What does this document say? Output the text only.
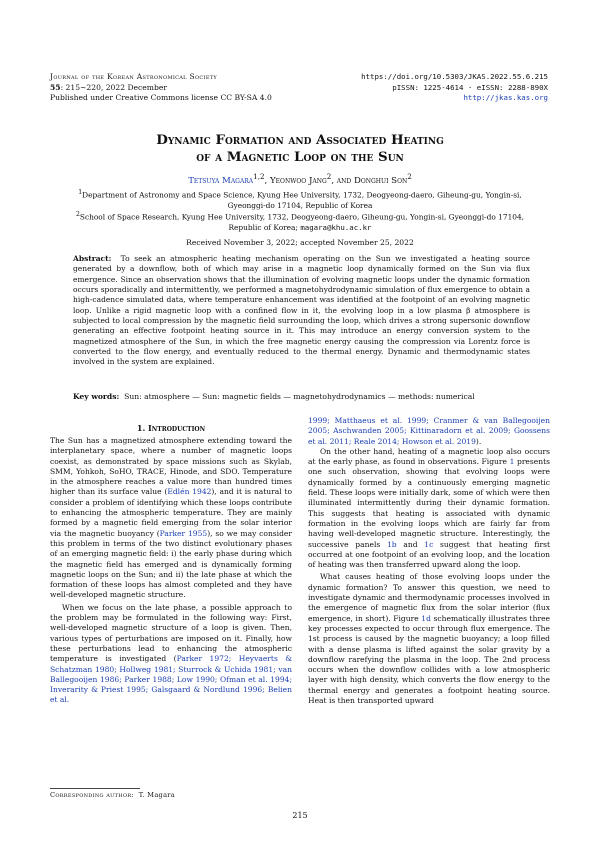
Journal of the Korean Astronomical Society
55: 215∼220, 2022 December
Published under Creative Commons license CC BY-SA 4.0
https://doi.org/10.5303/JKAS.2022.55.6.215
pISSN: 1225-4614 · eISSN: 2288-890X
http://jkas.kas.org
Dynamic Formation and Associated Heating
of a Magnetic Loop on the Sun
Tetsuya Magara$^{1,2}$, Yeonwoo Jang$^2$, and Donghui Son$^2$
$^1$Department of Astronomy and Space Science, Kyung Hee University, 1732, Deogyeong-daero, Giheung-gu, Yongin-si, Gyeonggi-do 17104, Republic of Korea
$^2$School of Space Research, Kyung Hee University, 1732, Deogyeong-daero, Giheung-gu, Yongin-si, Gyeonggi-do 17104, Republic of Korea; magara@khu.ac.kr
Received November 3, 2022; accepted November 25, 2022
Abstract: To seek an atmospheric heating mechanism operating on the Sun we investigated a heating source generated by a downflow, both of which may arise in a magnetic loop dynamically formed on the Sun via flux emergence. Since an observation shows that the illumination of evolving magnetic loops under the dynamic formation occurs sporadically and intermittently, we performed a magnetohydrodynamic simulation of flux emergence to obtain a high-cadence simulated data, where temperature enhancement was identified at the footpoint of an evolving magnetic loop. Unlike a rigid magnetic loop with a confined flow in it, the evolving loop in a low plasma β atmosphere is subjected to local compression by the magnetic field surrounding the loop, which drives a strong supersonic downflow generating an effective footpoint heating source in it. This may introduce an energy conversion system to the magnetized atmosphere of the Sun, in which the free magnetic energy causing the compression via Lorentz force is converted to the flow energy, and eventually reduced to the thermal energy. Dynamic and thermodynamic states involved in the system are explained.
Key words: Sun: atmosphere — Sun: magnetic fields — magnetohydrodynamics — methods: numerical
1. Introduction

The Sun has a magnetized atmosphere extending toward the interplanetary space, where a number of magnetic loops coexist, as demonstrated by space missions such as Skylab, SMM, Yohkoh, SoHO, TRACE, Hinode, and SDO. Temperature in the atmosphere reaches a value more than hundred times higher than its surface value (Edlén 1942), and it is natural to consider a problem of identifying which these loops contribute to enhancing the atmospheric temperature. They are mainly formed by a magnetic field emerging from the solar interior via the magnetic buoyancy (Parker 1955), so we may consider this problem in terms of the two distinct evolutionary phases of an emerging magnetic field: i) the early phase during which the magnetic field has emerged and is dynamically forming magnetic loops on the Sun; and ii) the late phase at which the formation of these loops has almost completed and they have well-developed magnetic structure.

When we focus on the late phase, a possible approach to the problem may be formulated in the following way: First, well-developed magnetic structure of a loop is given. Then, various types of perturbations are imposed on it. Finally, how these perturbations lead to enhancing the atmospheric temperature is investigated (Parker 1972; Heyvaerts & Schatzman 1980; Hollweg 1981; Sturrock & Uchida 1981; van Ballegooijen 1986; Parker 1988; Low 1990; Ofman et al. 1994; Inverarity & Priest 1995; Galsgaard & Nordlund 1996; Belien et al.

1999; Matthaeus et al. 1999; Cranmer & van Ballegooijen 2005; Aschwanden 2005; Kittinaradorn et al. 2009; Goossens et al. 2011; Reale 2014; Howson et al. 2019).

On the other hand, heating of a magnetic loop also occurs at the early phase, as found in observations. Figure 1 presents one such observation, showing that evolving loops were dynamically formed by a continuously emerging magnetic field. These loops were initially dark, some of which were then illuminated intermittently during their dynamic formation. This suggests that heating is associated with dynamic formation in the evolving loops which are fairly far from having well-developed magnetic structure. Interestingly, the successive panels 1b and 1c suggest that heating first occurred at one footpoint of an evolving loop, and the location of heating was then transferred upward along the loop.

What causes heating of those evolving loops under the dynamic formation? To answer this question, we need to investigate dynamic and thermodynamic processes involved in the emergence of magnetic flux from the solar interior (flux emergence, in short). Figure 1d schematically illustrates three key processes expected to occur through flux emergence. The 1st process is caused by the magnetic buoyancy; a loop filled with a dense plasma is lifted against the solar gravity by a downflow rarefying the plasma in the loop. The 2nd process occurs when the downflow collides with a low atmospheric layer with high density, which converts the flow energy to the thermal energy and generates a footpoint heating source. Heat is then transported upward

Corresponding author: T. Magara
215
